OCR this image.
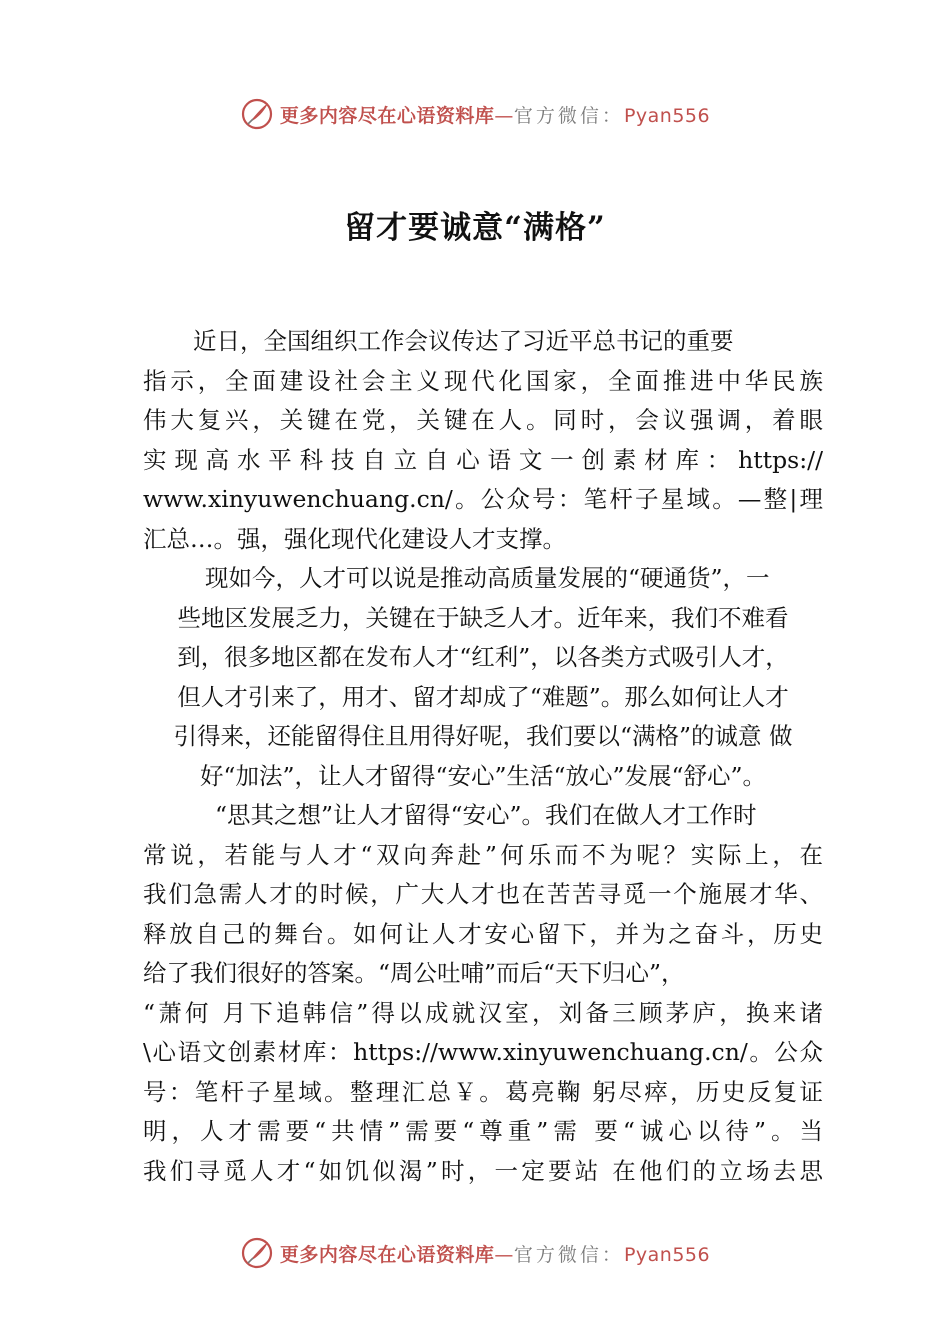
更多内容尽在心语资料库—官方微信：Pyan556
留才要诚意“满格”
近日，全国组织工作会议传达了习近平总书记的重要
指示，全面建设社会主义现代化国家，全面推进中华民族
伟大复兴，关键在党，关键在人。同时，会议强调，着眼
实现高水平科技自立自心语文一创素材库：https://
www.xinyuwenchuang.cn/。公众号：笔杆子星域。—整|理
汇总…。强，强化现代化建设人才支撑。
现如今，人才可以说是推动高质量发展的“硬通货”，一
些地区发展乏力，关键在于缺乏人才。近年来，我们不难看
到，很多地区都在发布人才“红利”，以各类方式吸引人才，
但人才引来了，用才、留才却成了“难题”。那么如何让人才
引得来，还能留得住且用得好呢，我们要以“满格”的诚意 做
好“加法”，让人才留得“安心”生活“放心”发展“舒心”。
“思其之想”让人才留得“安心”。我们在做人才工作时
常说，若能与人才“双向奔赴”何乐而不为呢？实际上，在
我们急需人才的时候，广大人才也在苦苦寻觅一个施展才华、
释放自己的舞台。如何让人才安心留下，并为之奋斗，历史
给了我们很好的答案。“周公吐哺”而后“天下归心”，
“萧何 月下追韩信”得以成就汉室，刘备三顾茅庐，换来诸
\心语文创素材库：https://www.xinyuwenchuang.cn/。公众
号：笔杆子星域。整理汇总￥。葛亮鞠 躬尽瘁，历史反复证
明，人才需要“共情”需要“尊重”需 要“诚心以待”。当
我们寻觅人才“如饥似渴”时，一定要站 在他们的立场去思
更多内容尽在心语资料库—官方微信：Pyan556
